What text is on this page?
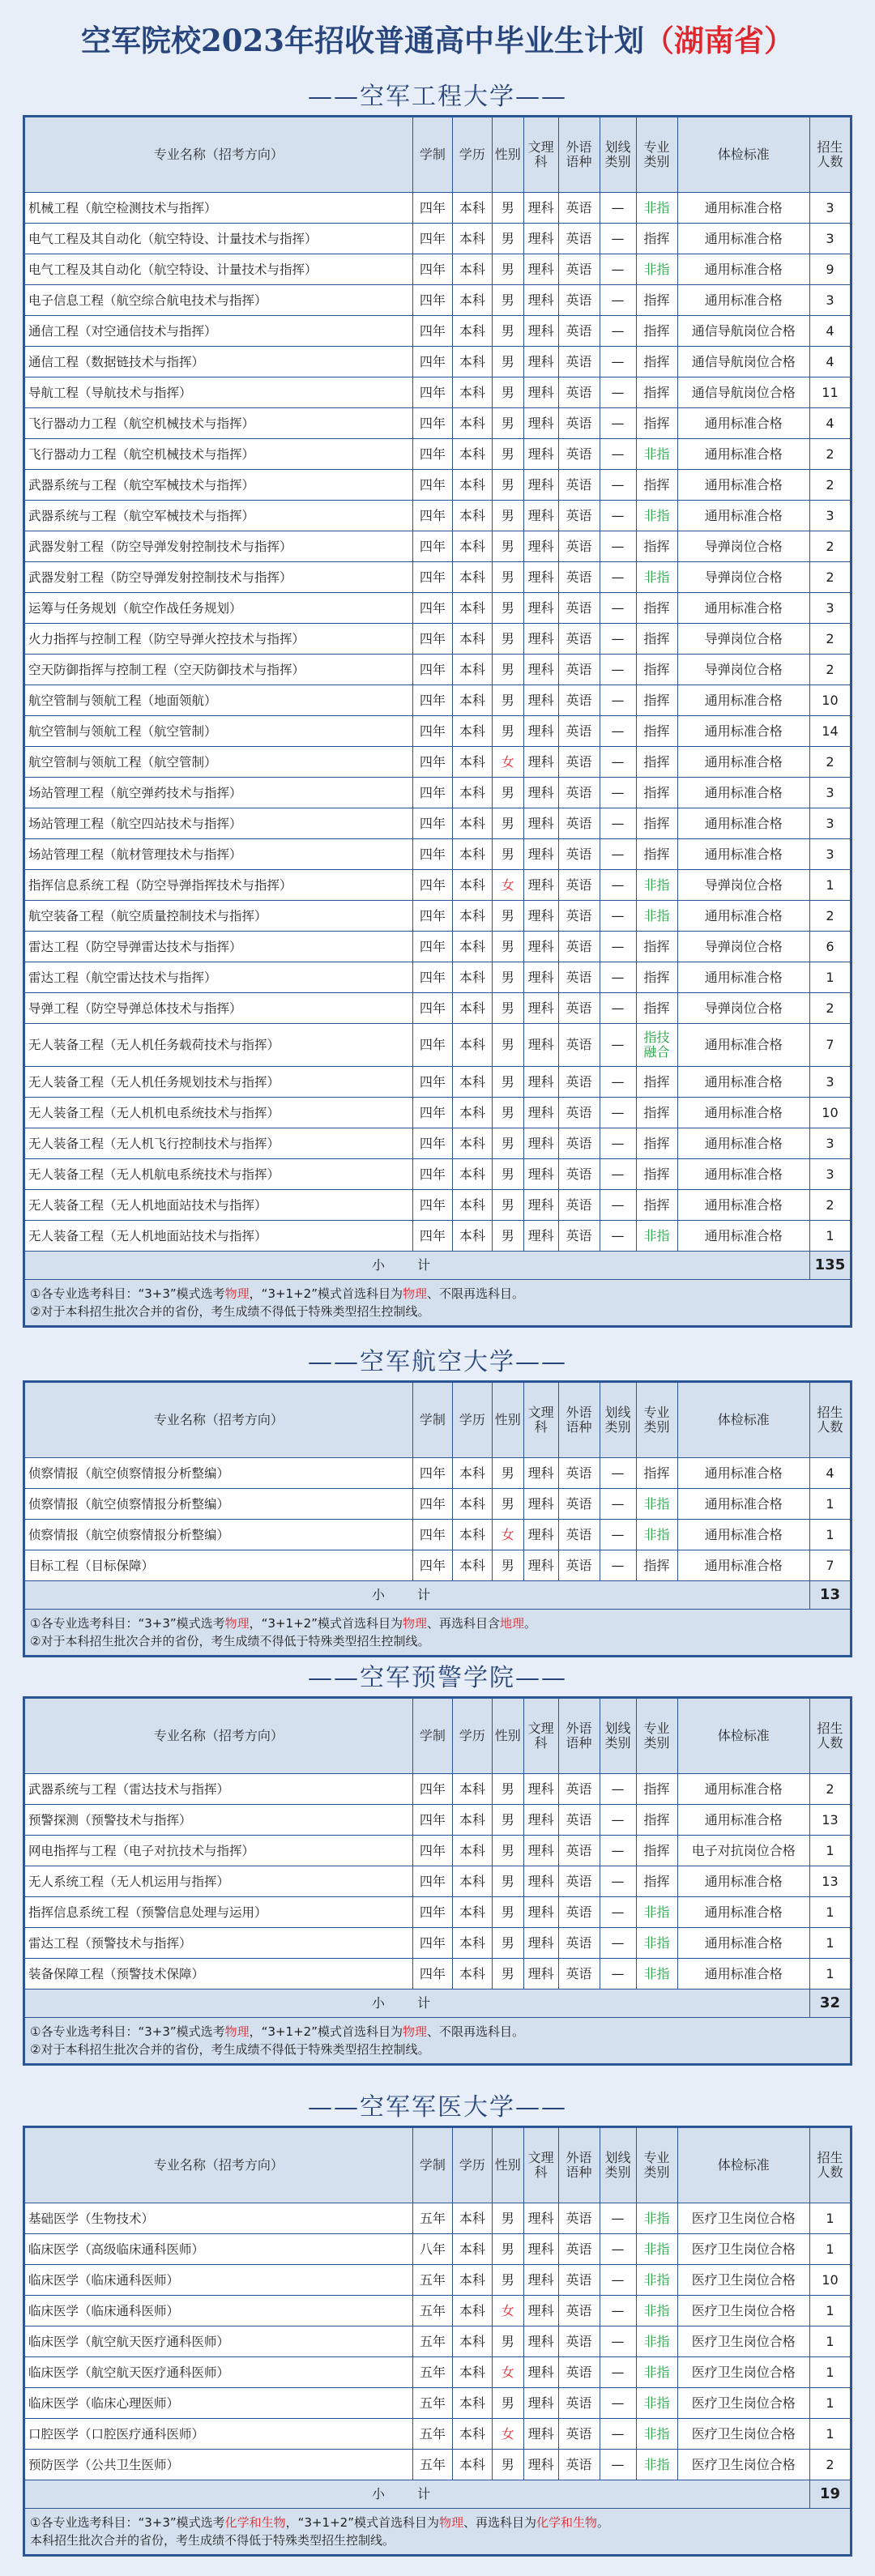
空军院校2023年招收普通高中毕业生计划（湖南省）
——空军工程大学——
专业名称（招考方向）	学制	学历	性别	文理科	外语语种	划线类别	专业类别	体检标准	招生人数
机械工程（航空检测技术与指挥）	四年	本科	男	理科	英语	—	非指	通用标准合格	3
电气工程及其自动化（航空特设、计量技术与指挥）	四年	本科	男	理科	英语	—	指挥	通用标准合格	3
电气工程及其自动化（航空特设、计量技术与指挥）	四年	本科	男	理科	英语	—	非指	通用标准合格	9
电子信息工程（航空综合航电技术与指挥）	四年	本科	男	理科	英语	—	指挥	通用标准合格	3
通信工程（对空通信技术与指挥）	四年	本科	男	理科	英语	—	指挥	通信导航岗位合格	4
通信工程（数据链技术与指挥）	四年	本科	男	理科	英语	—	指挥	通信导航岗位合格	4
导航工程（导航技术与指挥）	四年	本科	男	理科	英语	—	指挥	通信导航岗位合格	11
飞行器动力工程（航空机械技术与指挥）	四年	本科	男	理科	英语	—	指挥	通用标准合格	4
飞行器动力工程（航空机械技术与指挥）	四年	本科	男	理科	英语	—	非指	通用标准合格	2
武器系统与工程（航空军械技术与指挥）	四年	本科	男	理科	英语	—	指挥	通用标准合格	2
武器系统与工程（航空军械技术与指挥）	四年	本科	男	理科	英语	—	非指	通用标准合格	3
武器发射工程（防空导弹发射控制技术与指挥）	四年	本科	男	理科	英语	—	指挥	导弹岗位合格	2
武器发射工程（防空导弹发射控制技术与指挥）	四年	本科	男	理科	英语	—	非指	导弹岗位合格	2
运筹与任务规划（航空作战任务规划）	四年	本科	男	理科	英语	—	指挥	通用标准合格	3
火力指挥与控制工程（防空导弹火控技术与指挥）	四年	本科	男	理科	英语	—	指挥	导弹岗位合格	2
空天防御指挥与控制工程（空天防御技术与指挥）	四年	本科	男	理科	英语	—	指挥	导弹岗位合格	2
航空管制与领航工程（地面领航）	四年	本科	男	理科	英语	—	指挥	通用标准合格	10
航空管制与领航工程（航空管制）	四年	本科	男	理科	英语	—	指挥	通用标准合格	14
航空管制与领航工程（航空管制）	四年	本科	女	理科	英语	—	指挥	通用标准合格	2
场站管理工程（航空弹药技术与指挥）	四年	本科	男	理科	英语	—	指挥	通用标准合格	3
场站管理工程（航空四站技术与指挥）	四年	本科	男	理科	英语	—	指挥	通用标准合格	3
场站管理工程（航材管理技术与指挥）	四年	本科	男	理科	英语	—	指挥	通用标准合格	3
指挥信息系统工程（防空导弹指挥技术与指挥）	四年	本科	女	理科	英语	—	非指	导弹岗位合格	1
航空装备工程（航空质量控制技术与指挥）	四年	本科	男	理科	英语	—	非指	通用标准合格	2
雷达工程（防空导弹雷达技术与指挥）	四年	本科	男	理科	英语	—	指挥	导弹岗位合格	6
雷达工程（航空雷达技术与指挥）	四年	本科	男	理科	英语	—	指挥	通用标准合格	1
导弹工程（防空导弹总体技术与指挥）	四年	本科	男	理科	英语	—	指挥	导弹岗位合格	2
无人装备工程（无人机任务载荷技术与指挥）	四年	本科	男	理科	英语	—	指技融合	通用标准合格	7
无人装备工程（无人机任务规划技术与指挥）	四年	本科	男	理科	英语	—	指挥	通用标准合格	3
无人装备工程（无人机机电系统技术与指挥）	四年	本科	男	理科	英语	—	指挥	通用标准合格	10
无人装备工程（无人机飞行控制技术与指挥）	四年	本科	男	理科	英语	—	指挥	通用标准合格	3
无人装备工程（无人机航电系统技术与指挥）	四年	本科	男	理科	英语	—	指挥	通用标准合格	3
无人装备工程（无人机地面站技术与指挥）	四年	本科	男	理科	英语	—	指挥	通用标准合格	2
无人装备工程（无人机地面站技术与指挥）	四年	本科	男	理科	英语	—	非指	通用标准合格	1
小计									135

①各专业选考科目：“3+3”模式选考物理，“3+1+2”模式首选科目为物理、不限再选科目。
②对于本科招生批次合并的省份，考生成绩不得低于特殊类型招生控制线。									
——空军航空大学——
专业名称（招考方向）	学制	学历	性别	文理科	外语语种	划线类别	专业类别	体检标准	招生人数
侦察情报（航空侦察情报分析整编）	四年	本科	男	理科	英语	—	指挥	通用标准合格	4
侦察情报（航空侦察情报分析整编）	四年	本科	男	理科	英语	—	非指	通用标准合格	1
侦察情报（航空侦察情报分析整编）	四年	本科	女	理科	英语	—	非指	通用标准合格	1
目标工程（目标保障）	四年	本科	男	理科	英语	—	指挥	通用标准合格	7
小计									13

①各专业选考科目：“3+3”模式选考物理，“3+1+2”模式首选科目为物理、再选科目含地理。
②对于本科招生批次合并的省份，考生成绩不得低于特殊类型招生控制线。									
——空军预警学院——
专业名称（招考方向）	学制	学历	性别	文理科	外语语种	划线类别	专业类别	体检标准	招生人数
武器系统与工程（雷达技术与指挥）	四年	本科	男	理科	英语	—	指挥	通用标准合格	2
预警探测（预警技术与指挥）	四年	本科	男	理科	英语	—	指挥	通用标准合格	13
网电指挥与工程（电子对抗技术与指挥）	四年	本科	男	理科	英语	—	指挥	电子对抗岗位合格	1
无人系统工程（无人机运用与指挥）	四年	本科	男	理科	英语	—	指挥	通用标准合格	13
指挥信息系统工程（预警信息处理与运用）	四年	本科	男	理科	英语	—	非指	通用标准合格	1
雷达工程（预警技术与指挥）	四年	本科	男	理科	英语	—	非指	通用标准合格	1
装备保障工程（预警技术保障）	四年	本科	男	理科	英语	—	非指	通用标准合格	1
小计									32

①各专业选考科目：“3+3”模式选考物理，“3+1+2”模式首选科目为物理、不限再选科目。
②对于本科招生批次合并的省份，考生成绩不得低于特殊类型招生控制线。									
——空军军医大学——
专业名称（招考方向）	学制	学历	性别	文理科	外语语种	划线类别	专业类别	体检标准	招生人数
基础医学（生物技术）	五年	本科	男	理科	英语	—	非指	医疗卫生岗位合格	1
临床医学（高级临床通科医师）	八年	本科	男	理科	英语	—	非指	医疗卫生岗位合格	1
临床医学（临床通科医师）	五年	本科	男	理科	英语	—	非指	医疗卫生岗位合格	10
临床医学（临床通科医师）	五年	本科	女	理科	英语	—	非指	医疗卫生岗位合格	1
临床医学（航空航天医疗通科医师）	五年	本科	男	理科	英语	—	非指	医疗卫生岗位合格	1
临床医学（航空航天医疗通科医师）	五年	本科	女	理科	英语	—	非指	医疗卫生岗位合格	1
临床医学（临床心理医师）	五年	本科	男	理科	英语	—	非指	医疗卫生岗位合格	1
口腔医学（口腔医疗通科医师）	五年	本科	女	理科	英语	—	非指	医疗卫生岗位合格	1
预防医学（公共卫生医师）	五年	本科	男	理科	英语	—	非指	医疗卫生岗位合格	2
小计									19

①各专业选考科目：“3+3”模式选考化学和生物，“3+1+2”模式首选科目为物理、再选科目为化学和生物。
本科招生批次合并的省份，考生成绩不得低于特殊类型招生控制线。									
